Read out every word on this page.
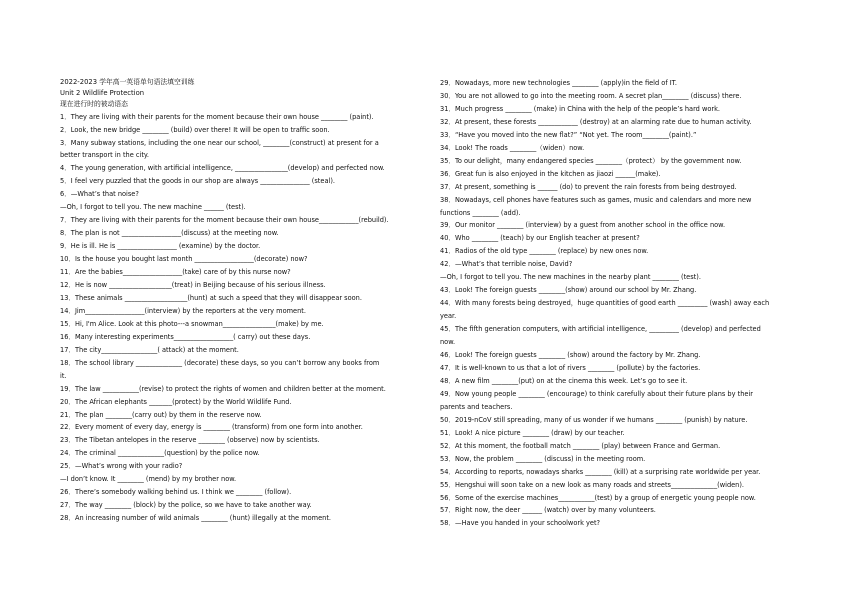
2022-2023 学年高一英语单句语法填空训练

Unit 2 Wildlife Protection

现在进行时的被动语态

1．They are living with their parents for the moment because their own house ________ (paint).

2．Look, the new bridge ________ (build) over there! It will be open to traffic soon.

3．Many subway stations, including the one near our school, ________(construct) at present for a

better transport in the city.

4．The young generation, with artificial intelligence, ________________(develop) and perfected now.

5．I feel very puzzled that the goods in our shop are always _______________ (steal).

6．—What’s that noise?

—Oh, I forgot to tell you. The new machine ______ (test).

7．They are living with their parents for the moment because their own house____________(rebuild).

8．The plan is not __________________(discuss) at the meeting now.

9．He is ill. He is __________________ (examine) by the doctor.

10．Is the house you bought last month __________________(decorate) now?

11．Are the babies__________________(take) care of by this nurse now?

12．He is now ___________________(treat) in Beijing because of his serious illness.

13．These animals ___________________(hunt) at such a speed that they will disappear soon.

14．Jim__________________(interview) by the reporters at the very moment.

15．Hi, I'm Alice. Look at this photo---a snowman________________(make) by me.

16．Many interesting experiments__________________( carry) out these days.

17．The city_________________( attack) at the moment.

18．The school library ______________ (decorate) these days, so you can’t borrow any books from

it.

19．The law ___________(revise) to protect the rights of women and children better at the moment.

20．The African elephants _______(protect) by the World Wildlife Fund.

21．The plan ________(carry out) by them in the reserve now.

22．Every moment of every day, energy is ________ (transform) from one form into another.

23．The Tibetan antelopes in the reserve ________ (observe) now by scientists.

24．The criminal ______________(question) by the police now.

25．—What’s wrong with your radio?

—I don’t know. It ________ (mend) by my brother now.

26．There’s somebody walking behind us. I think we ________ (follow).

27．The way ________ (block) by the police, so we have to take another way.

28．An increasing number of wild animals ________ (hunt) illegally at the moment.

29．Nowadays, more new technologies ________ (apply)in the field of IT.

30．You are not allowed to go into the meeting room. A secret plan________ (discuss) there.

31．Much progress ________ (make) in China with the help of the people’s hard work.

32．At present, these forests ____________ (destroy) at an alarming rate due to human activity.

33．“Have you moved into the new flat?” “Not yet. The room________(paint).”

34．Look! The roads ________（widen）now.

35．To our delight，many endangered species ________（protect） by the government now.

36．Great fun is also enjoyed in the kitchen as jiaozi ______(make).

37．At present, something is ______ (do) to prevent the rain forests from being destroyed.

38．Nowadays, cell phones have features such as games, music and calendars and more new

functions ________ (add).

39．Our monitor ________ (interview) by a guest from another school in the office now.

40．Who ________ (teach) by our English teacher at present?

41．Radios of the old type ________ (replace) by new ones now.

42．—What’s that terrible noise, David?

—Oh, I forgot to tell you. The new machines in the nearby plant ________ (test).

43．Look! The foreign guests ________(show) around our school by Mr. Zhang.

44．With many forests being destroyed，huge quantities of good earth _________ (wash) away each

year.

45．The fifth generation computers, with artificial intelligence, _________ (develop) and perfected

now.

46．Look! The foreign guests ________ (show) around the factory by Mr. Zhang.

47．It is well-known to us that a lot of rivers ________ (pollute) by the factories.

48．A new film ________(put) on at the cinema this week. Let’s go to see it.

49．Now young people ________ (encourage) to think carefully about their future plans by their

parents and teachers.

50．2019-nCoV still spreading, many of us wonder if we humans ________ (punish) by nature.

51．Look! A nice picture ________ (draw) by our teacher.

52．At this moment, the football match ________ (play) between France and German.

53．Now, the problem ________ (discuss) in the meeting room.

54．According to reports, nowadays sharks ________ (kill) at a surprising rate worldwide per year.

55．Hengshui will soon take on a new look as many roads and streets______________(widen).

56．Some of the exercise machines___________(test) by a group of energetic young people now.

57．Right now, the deer ______ (watch) over by many volunteers.

58．—Have you handed in your schoolwork yet?
